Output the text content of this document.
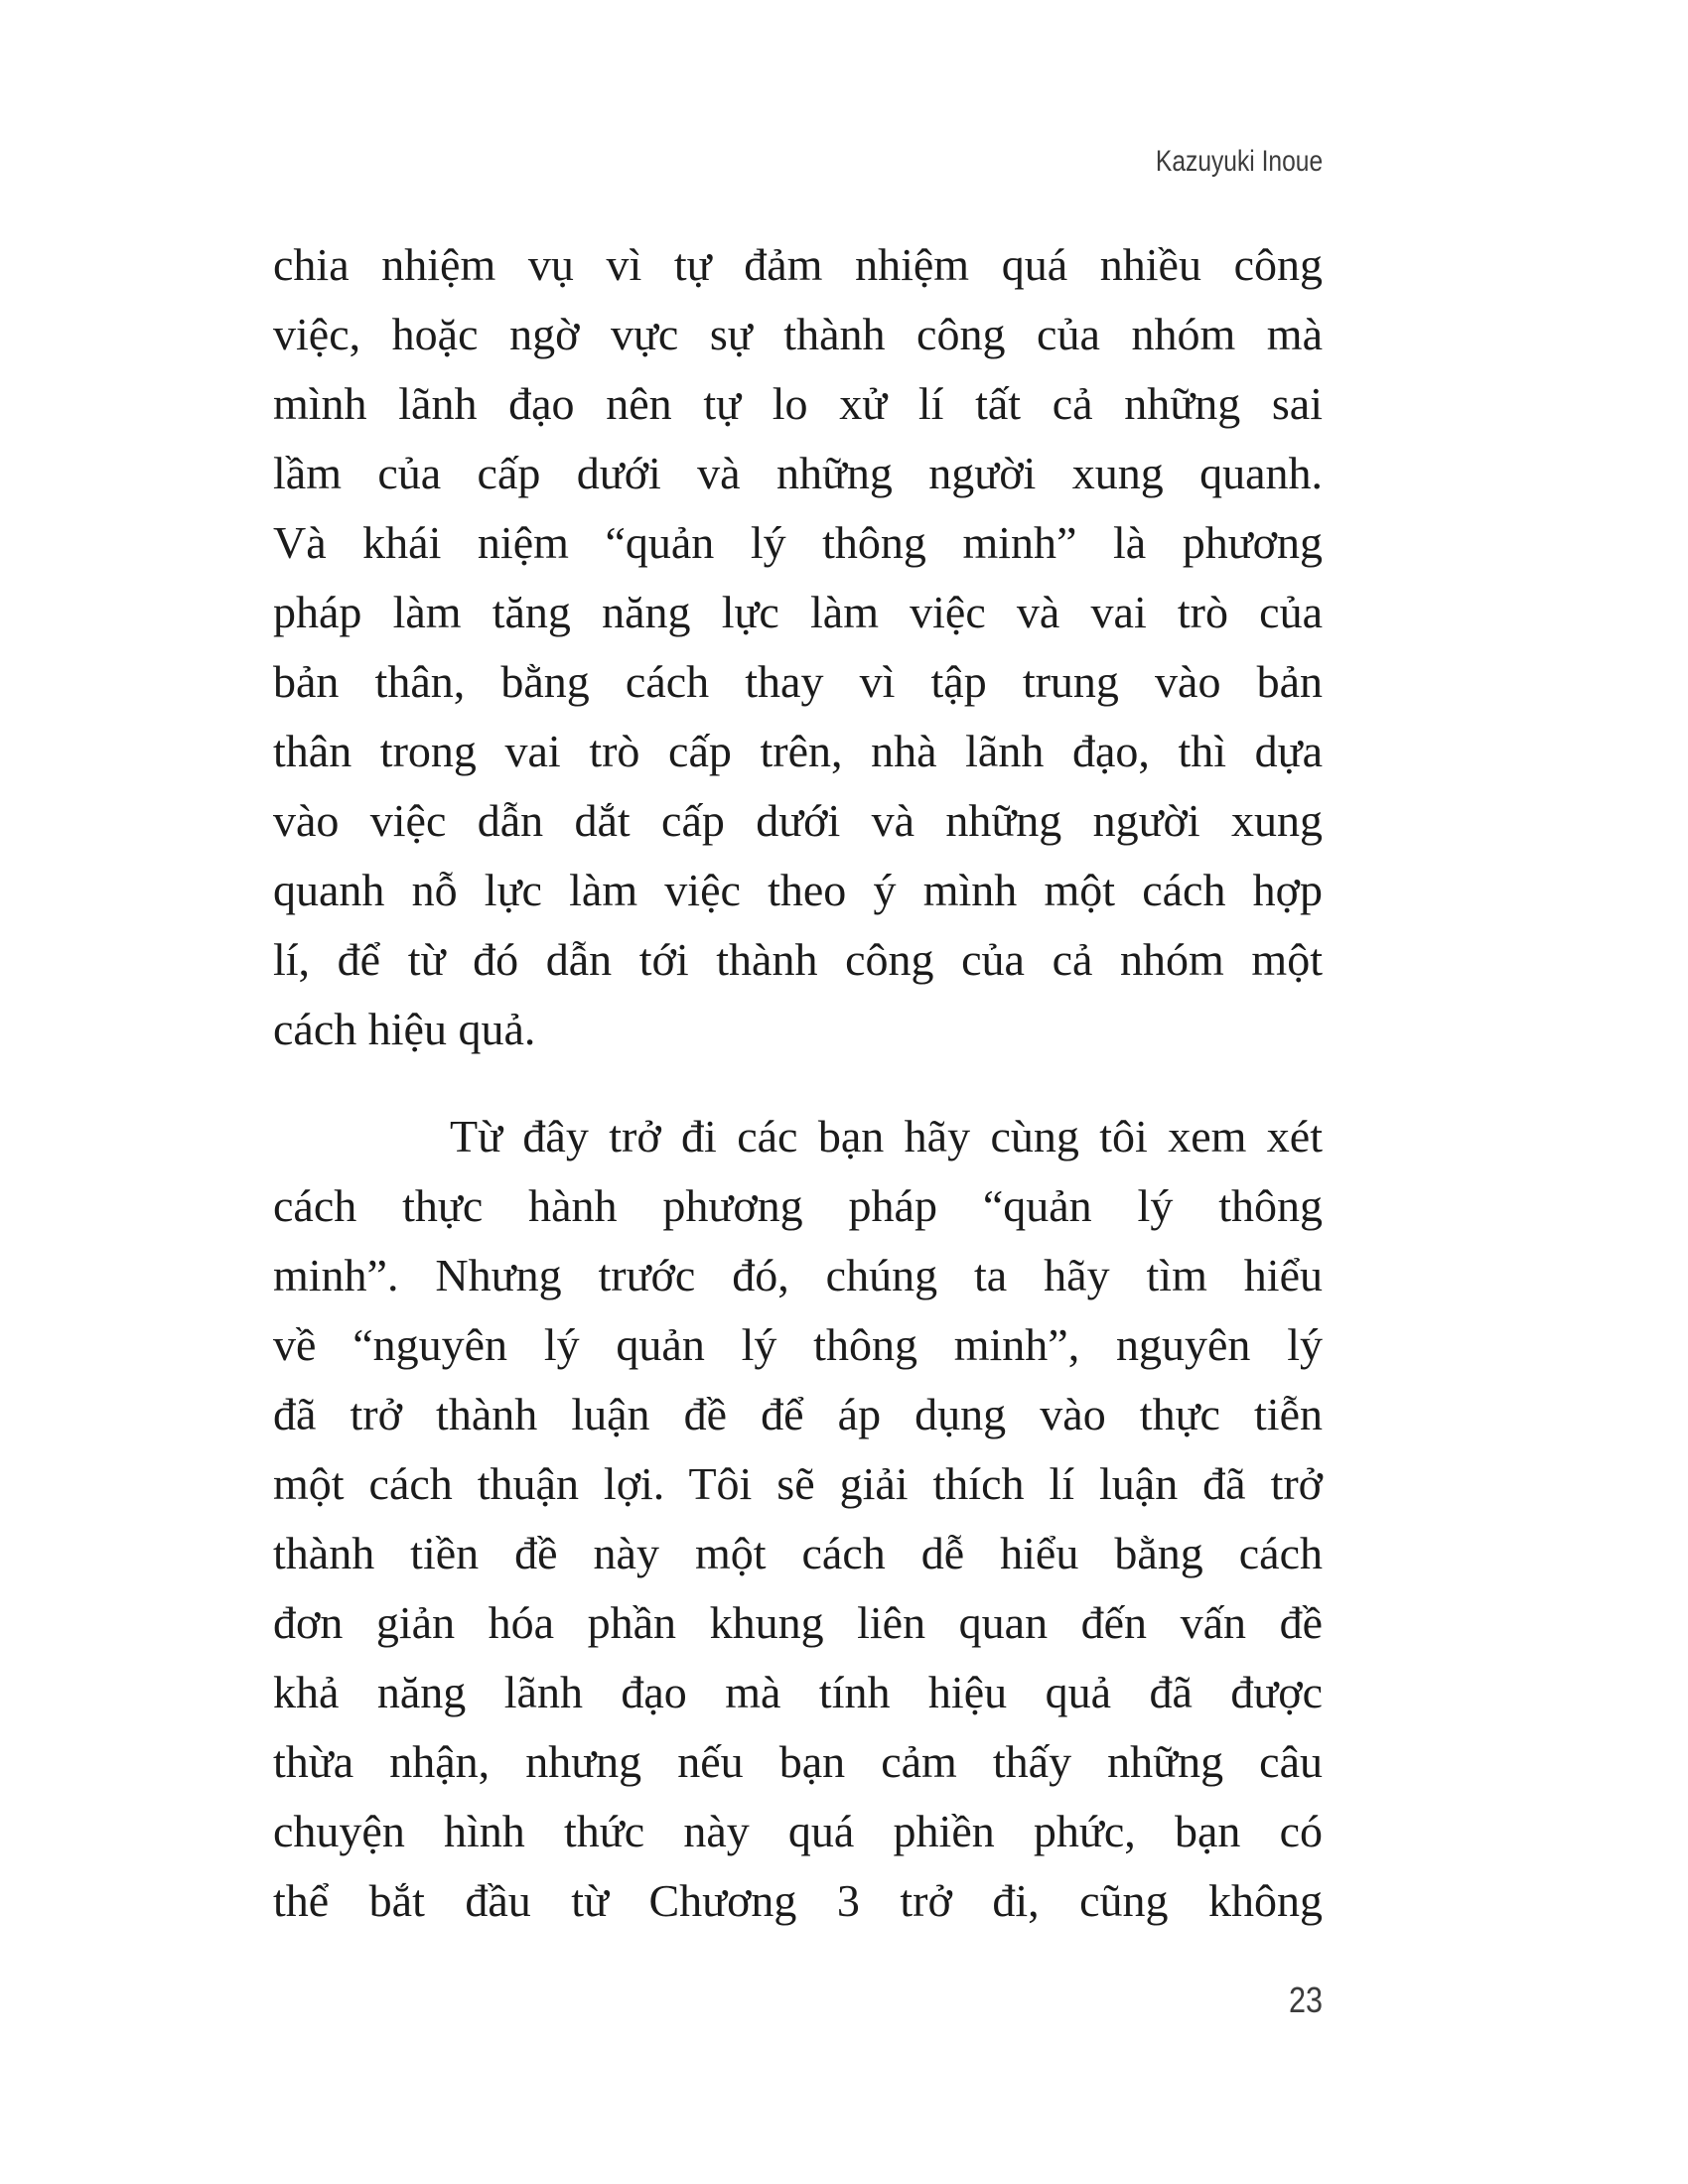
Kazuyuki Inoue
chia nhiệm vụ vì tự đảm nhiệm quá nhiều công
việc, hoặc ngờ vực sự thành công của nhóm mà
mình lãnh đạo nên tự lo xử lí tất cả những sai
lầm của cấp dưới và những người xung quanh.
Và khái niệm “quản lý thông minh” là phương
pháp làm tăng năng lực làm việc và vai trò của
bản thân, bằng cách thay vì tập trung vào bản
thân trong vai trò cấp trên, nhà lãnh đạo, thì dựa
vào việc dẫn dắt cấp dưới và những người xung
quanh nỗ lực làm việc theo ý mình một cách hợp
lí, để từ đó dẫn tới thành công của cả nhóm một
cách hiệu quả.
Từ đây trở đi các bạn hãy cùng tôi xem xét
cách thực hành phương pháp “quản lý thông
minh”. Nhưng trước đó, chúng ta hãy tìm hiểu
về “nguyên lý quản lý thông minh”, nguyên lý
đã trở thành luận đề để áp dụng vào thực tiễn
một cách thuận lợi. Tôi sẽ giải thích lí luận đã trở
thành tiền đề này một cách dễ hiểu bằng cách
đơn giản hóa phần khung liên quan đến vấn đề
khả năng lãnh đạo mà tính hiệu quả đã được
thừa nhận, nhưng nếu bạn cảm thấy những câu
chuyện hình thức này quá phiền phức, bạn có
thể bắt đầu từ Chương 3 trở đi, cũng không
23
